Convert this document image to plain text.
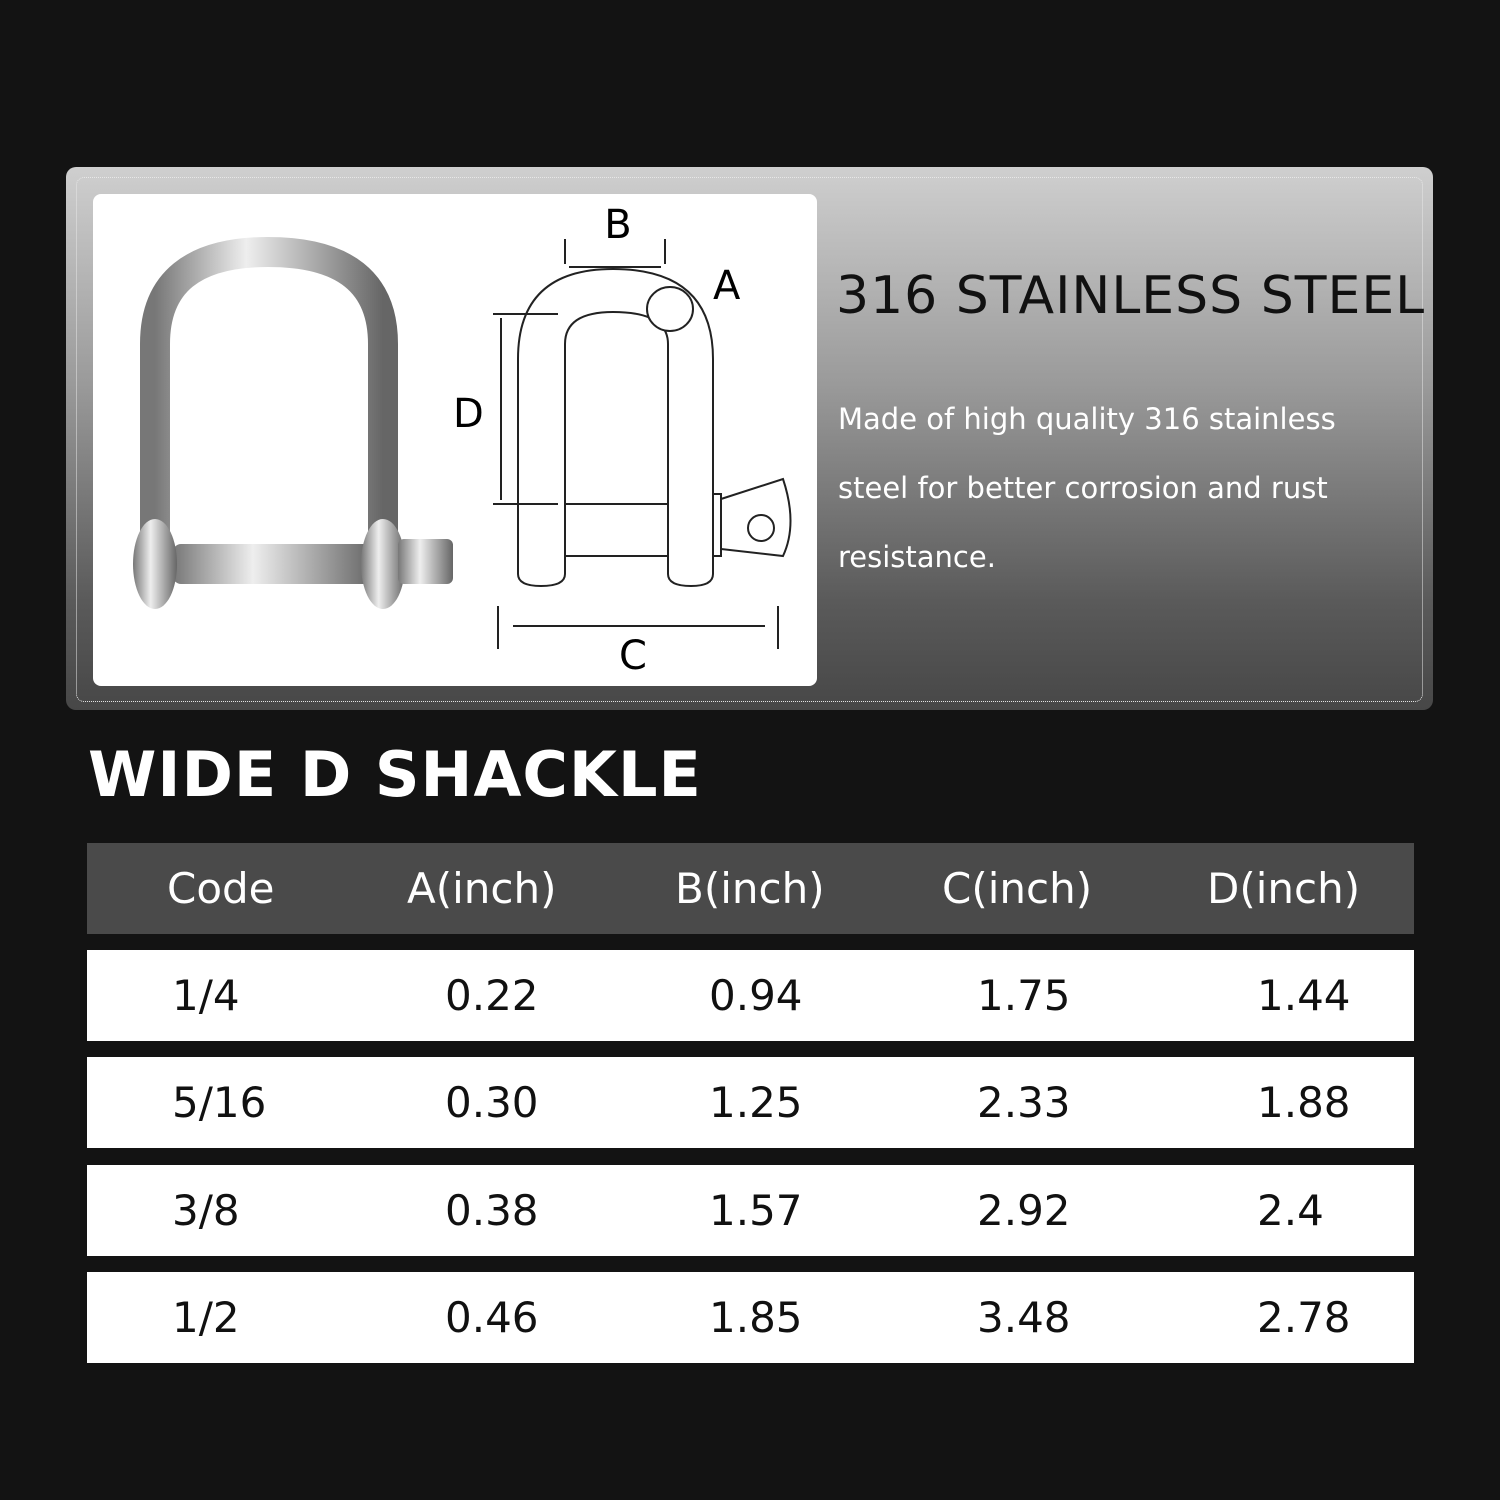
B
A
D
C
316 STAINLESS STEEL
Made of high quality 316 stainless steel for better corrosion and rust resistance.
WIDE D SHACKLE
Code	A(inch)	B(inch)	C(inch)	D(inch)
1/4	0.22	0.94	1.75	1.44
5/16	0.30	1.25	2.33	1.88
3/8	0.38	1.57	2.92	2.4
1/2	0.46	1.85	3.48	2.78
